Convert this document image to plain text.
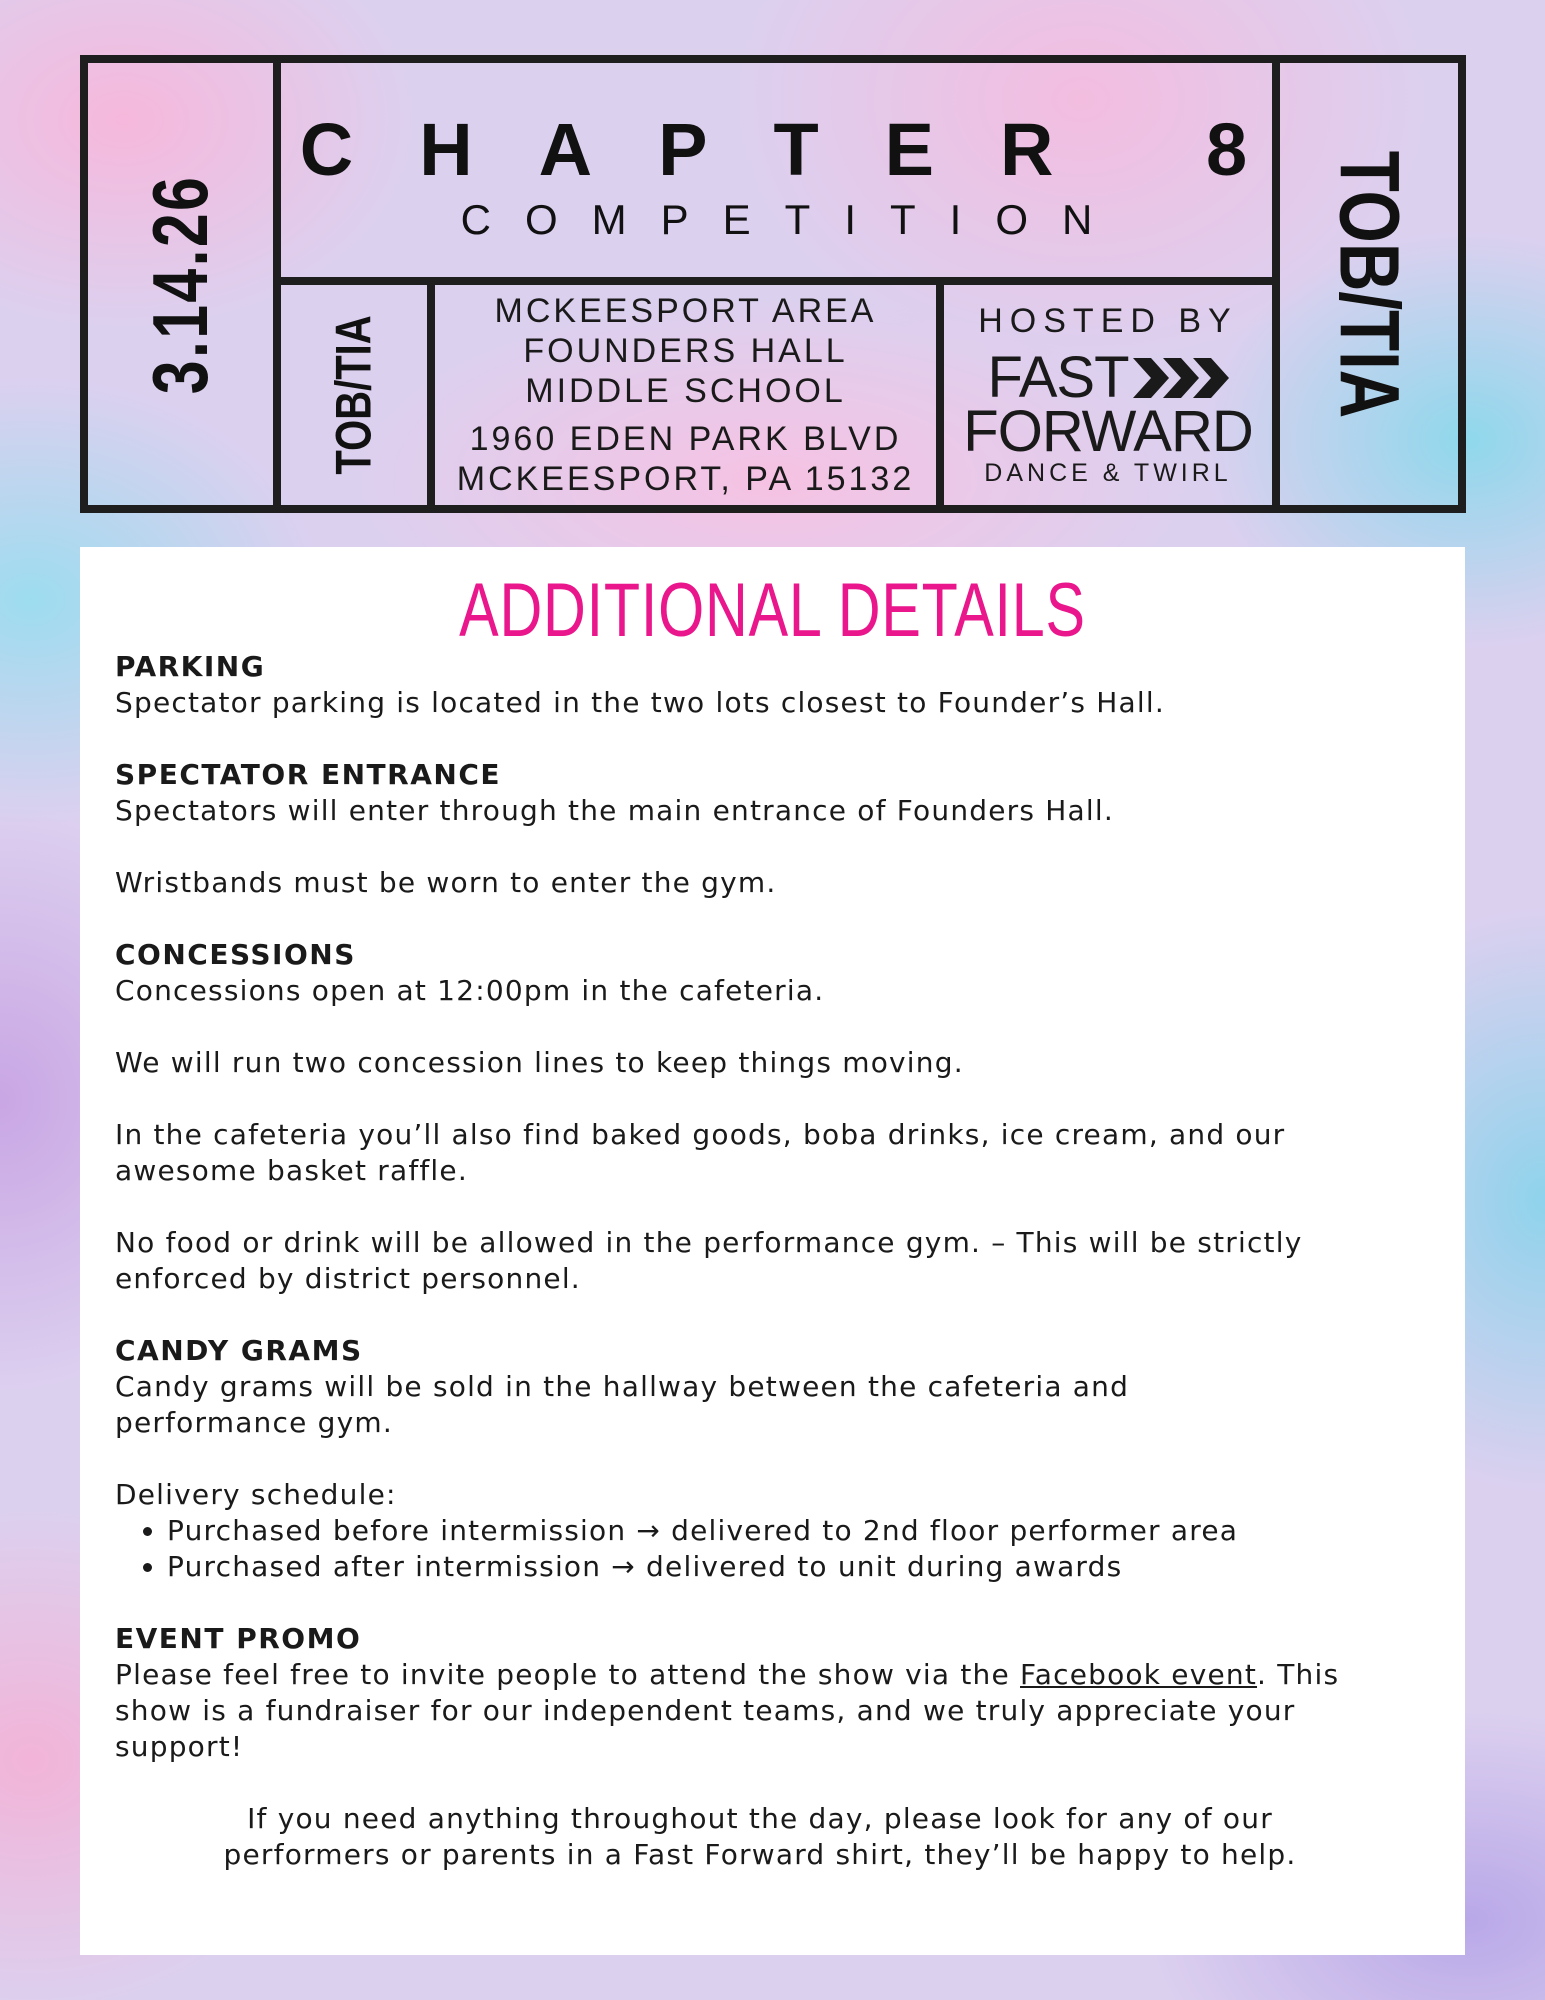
3.14.26	TOB/TIA
CHAPTER 8
COMPETITION
TOB/TIA
MCKEESPORT AREA
FOUNDERS HALL
MIDDLE SCHOOL
1960 EDEN PARK BLVD
MCKEESPORT, PA 15132
HOSTED BY
FAST
FORWARD
DANCE & TWIRL
ADDITIONAL DETAILS
PARKING

Spectator parking is located in the two lots closest to Founder’s Hall.

SPECTATOR ENTRANCE

Spectators will enter through the main entrance of Founders Hall.

Wristbands must be worn to enter the gym.

CONCESSIONS

Concessions open at 12:00pm in the cafeteria.

We will run two concession lines to keep things moving.

In the cafeteria you’ll also find baked goods, boba drinks, ice cream, and our awesome basket raffle.

No food or drink will be allowed in the performance gym. – This will be strictly enforced by district personnel.

CANDY GRAMS

Candy grams will be sold in the hallway between the cafeteria and performance gym.

Delivery schedule:

• Purchased before intermission → delivered to 2nd floor performer area
• Purchased after intermission → delivered to unit during awards
EVENT PROMO

Please feel free to invite people to attend the show via the Facebook event. This show is a fundraiser for our independent teams, and we truly appreciate your support!

If you need anything throughout the day, please look for any of our performers or parents in a Fast Forward shirt, they’ll be happy to help.
